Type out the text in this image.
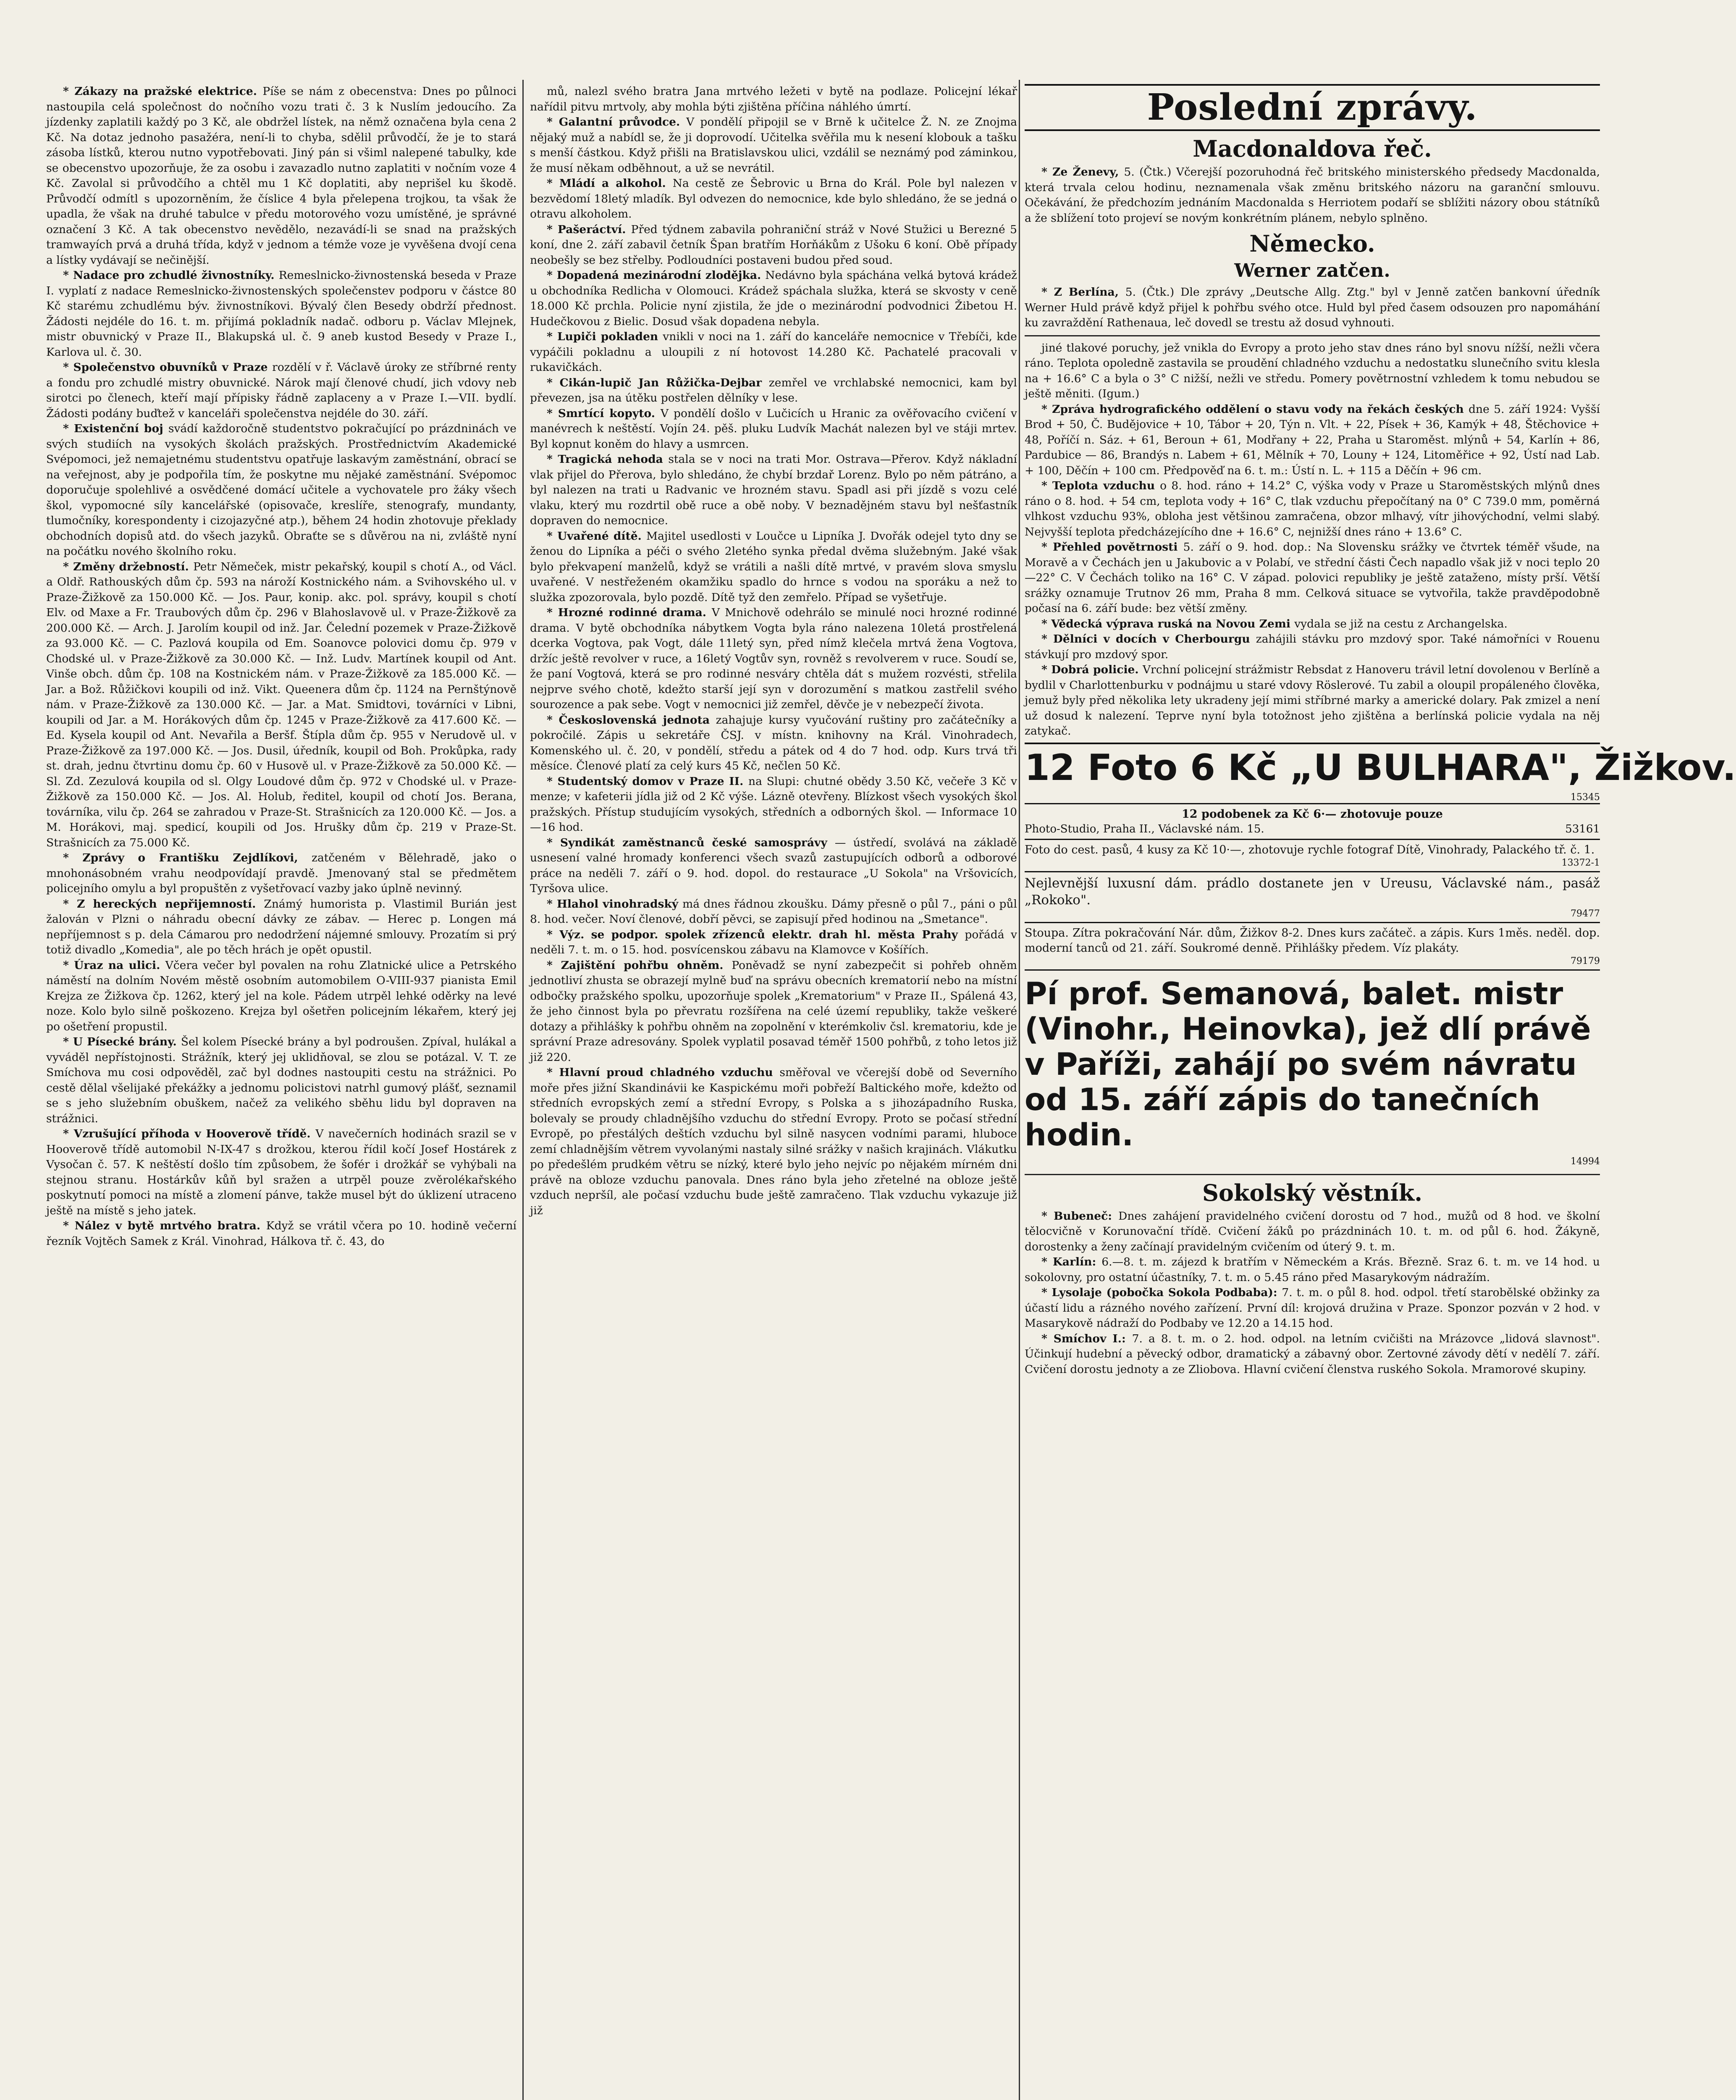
* Zákazy na pražské elektrice. Píše se nám z obecenstva: Dnes po půlnoci nastoupila celá společnost do nočního vozu trati č. 3 k Nuslím jedoucího. Za jízdenky zaplatili každý po 3 Kč, ale obdržel lístek, na němž označena byla cena 2 Kč. Na dotaz jednoho pasažéra, není-li to chyba, sdělil průvodčí, že je to stará zásoba lístků, kterou nutno vypotřebovati. Jiný pán si všiml nalepené tabulky, kde se obecenstvo upozorňuje, že za osobu i zavazadlo nutno zaplatiti v nočním voze 4 Kč. Zavolal si průvodčího a chtěl mu 1 Kč doplatiti, aby neprišel ku škodě. Průvodčí odmítl s upozorněním, že číslice 4 byla přelepena trojkou, ta však že upadla, že však na druhé tabulce v předu motorového vozu umístěné, je správné označení 3 Kč. A tak obecenstvo nevědělo, nezavádí-li se snad na pražských tramwayích prvá a druhá třída, když v jednom a témže voze je vyvěšena dvojí cena a lístky vydávají se nečinější.

* Nadace pro zchudlé živnostníky. Remeslnicko-živnostenská beseda v Praze I. vyplatí z nadace Remeslnicko-živnostenských společenstev podporu v částce 80 Kč starému zchudlému býv. živnostníkovi. Bývalý člen Besedy obdrží přednost. Žádosti nejdéle do 16. t. m. přijímá pokladník nadač. odboru p. Václav Mlejnek, mistr obuvnický v Praze II., Blakupská ul. č. 9 aneb kustod Besedy v Praze I., Karlova ul. č. 30.

* Společenstvo obuvníků v Praze rozdělí v ř. Václavě úroky ze stříbrné renty a fondu pro zchudlé mistry obuvnické. Nárok mají členové chudí, jich vdovy neb sirotci po členech, kteří mají přípisky řádně zaplaceny a v Praze I.—VII. bydlí. Žádosti podány buďtež v kanceláři společenstva nejdéle do 30. září.

* Existenční boj svádí každoročně studentstvo pokračující po prázdninách ve svých studiích na vysokých školách pražských. Prostřednictvím Akademické Svépomoci, jež nemajetnému studentstvu opatřuje laskavým zaměstnání, obrací se na veřejnost, aby je podpořila tím, že poskytne mu nějaké zaměstnání. Svépomoc doporučuje spolehlivé a osvědčené domácí učitele a vychovatele pro žáky všech škol, vypomocné síly kancelářské (opisovače, kreslíře, stenografy, mundanty, tlumočníky, korespondenty i cizojazyčné atp.), během 24 hodin zhotovuje překlady obchodních dopisů atd. do všech jazyků. Obraťte se s důvěrou na ni, zvláště nyní na počátku nového školního roku.

* Změny držebností. Petr Němeček, mistr pekařský, koupil s chotí A., od Václ. a Oldř. Rathouských dům čp. 593 na nároží Kostnického nám. a Svihovského ul. v Praze-Žižkově za 150.000 Kč. — Jos. Paur, konip. akc. pol. správy, koupil s chotí Elv. od Maxe a Fr. Traubových dům čp. 296 v Blahoslavově ul. v Praze-Žižkově za 200.000 Kč. — Arch. J. Jarolím koupil od inž. Jar. Čelední pozemek v Praze-Žižkově za 93.000 Kč. — C. Pazlová koupila od Em. Soanovce polovici domu čp. 979 v Chodské ul. v Praze-Žižkově za 30.000 Kč. — Inž. Ludv. Martínek koupil od Ant. Vinše obch. dům čp. 108 na Kostnickém nám. v Praze-Žižkově za 185.000 Kč. — Jar. a Bož. Růžičkovi koupili od inž. Vikt. Queenera dům čp. 1124 na Pernštýnově nám. v Praze-Žižkově za 130.000 Kč. — Jar. a Mat. Smidtovi, továrníci v Libni, koupili od Jar. a M. Horákových dům čp. 1245 v Praze-Žižkově za 417.600 Kč. — Ed. Kysela koupil od Ant. Nevařila a Beršf. Štípla dům čp. 955 v Nerudově ul. v Praze-Žižkově za 197.000 Kč. — Jos. Dusil, úředník, koupil od Boh. Prokůpka, rady st. drah, jednu čtvrtinu domu čp. 60 v Husově ul. v Praze-Žižkově za 50.000 Kč. — Sl. Zd. Zezulová koupila od sl. Olgy Loudové dům čp. 972 v Chodské ul. v Praze-Žižkově za 150.000 Kč. — Jos. Al. Holub, ředitel, koupil od chotí Jos. Berana, továrníka, vilu čp. 264 se zahradou v Praze-St. Strašnicích za 120.000 Kč. — Jos. a M. Horákovi, maj. spedicí, koupili od Jos. Hrušky dům čp. 219 v Praze-St. Strašnicích za 75.000 Kč.

* Zprávy o Františku Zejdlíkovi, zatčeném v Bělehradě, jako o mnohonásobném vrahu neodpovídají pravdě. Jmenovaný stal se předmětem policejního omylu a byl propuštěn z vyšetřovací vazby jako úplně nevinný.

* Z hereckých nepřijemností. Známý humorista p. Vlastimil Burián jest žalován v Plzni o náhradu obecní dávky ze zábav. — Herec p. Longen má nepříjemnost s p. dela Cámarou pro nedodržení nájemné smlouvy. Prozatím si prý totiž divadlo „Komedia", ale po těch hrách je opět opustil.

* Úraz na ulici. Včera večer byl povalen na rohu Zlatnické ulice a Petrského náměstí na dolním Novém městě osobním automobilem O-VIII-937 pianista Emil Krejza ze Žižkova čp. 1262, který jel na kole. Pádem utrpěl lehké oděrky na levé noze. Kolo bylo silně poškozeno. Krejza byl ošetřen policejním lékařem, který jej po ošetření propustil.

* U Písecké brány. Šel kolem Písecké brány a byl podroušen. Zpíval, hulákal a vyváděl nepřístojnosti. Strážník, který jej uklidňoval, se zlou se potázal. V. T. ze Smíchova mu cosi odpověděl, zač byl dodnes nastoupiti cestu na strážnici. Po cestě dělal všelijaké překážky a jednomu policistovi natrhl gumový plášť, seznamil se s jeho služebním obuškem, načež za velikého sběhu lidu byl dopraven na strážnici.

* Vzrušující příhoda v Hooverově třídě. V navečerních hodinách srazil se v Hooverově třídě automobil N-IX-47 s drožkou, kterou řídil kočí Josef Hostárek z Vysočan č. 57. K neštěstí došlo tím způsobem, že šofér i drožkář se vyhýbali na stejnou stranu. Hostárkův kůň byl sražen a utrpěl pouze zvěrolékařského poskytnutí pomoci na místě a zlomení pánve, takže musel být do úklizení utraceno ještě na místě s jeho jatek.

* Nález v bytě mrtvého bratra. Když se vrátil včera po 10. hodině večerní řezník Vojtěch Samek z Král. Vinohrad, Hálkova tř. č. 43, do

mů, nalezl svého bratra Jana mrtvého ležeti v bytě na podlaze. Policejní lékař nařídil pitvu mrtvoly, aby mohla býti zjištěna příčina náhlého úmrtí.

* Galantní průvodce. V pondělí připojil se v Brně k učitelce Ž. N. ze Znojma nějaký muž a nabídl se, že ji doprovodí. Učitelka svěřila mu k nesení klobouk a tašku s menší částkou. Když přišli na Bratislavskou ulici, vzdálil se neznámý pod záminkou, že musí někam odběhnout, a už se nevrátil.

* Mládí a alkohol. Na cestě ze Šebrovic u Brna do Král. Pole byl nalezen v bezvědomí 18letý mladík. Byl odvezen do nemocnice, kde bylo shledáno, že se jedná o otravu alkoholem.

* Pašeráctví. Před týdnem zabavila pohraniční stráž v Nové Stužici u Berezné 5 koní, dne 2. září zabavil četník Špan bratřím Horňákům z Ušoku 6 koní. Obě případy neobešly se bez střelby. Podloudníci postaveni budou před soud.

* Dopadená mezinárodní zlodějka. Nedávno byla spáchána velká bytová krádež u obchodníka Redlicha v Olomouci. Krádež spáchala služka, která se skvosty v ceně 18.000 Kč prchla. Policie nyní zjistila, že jde o mezinárodní podvodnici Žibetou H. Hudečkovou z Bielic. Dosud však dopadena nebyla.

* Lupiči pokladen vnikli v noci na 1. září do kanceláře nemocnice v Třebíči, kde vypáčili pokladnu a uloupili z ní hotovost 14.280 Kč. Pachatelé pracovali v rukavičkách.

* Cikán-lupič Jan Růžička-Dejbar zemřel ve vrchlabské nemocnici, kam byl převezen, jsa na útěku postřelen dělníky v lese.

* Smrtící kopyto. V pondělí došlo v Lučicích u Hranic za ověřovacího cvičení v manévrech k neštěstí. Vojín 24. pěš. pluku Ludvík Machát nalezen byl ve stáji mrtev. Byl kopnut koněm do hlavy a usmrcen.

* Tragická nehoda stala se v noci na trati Mor. Ostrava—Přerov. Když nákladní vlak přijel do Přerova, bylo shledáno, že chybí brzdař Lorenz. Bylo po něm pátráno, a byl nalezen na trati u Radvanic ve hrozném stavu. Spadl asi při jízdě s vozu celé vlaku, který mu rozdrtil obě ruce a obě noby. V beznadějném stavu byl nešťastník dopraven do nemocnice.

* Uvařené dítě. Majitel usedlosti v Loučce u Lipníka J. Dvořák odejel tyto dny se ženou do Lipníka a péči o svého 2letého synka předal dvěma služebným. Jaké však bylo překvapení manželů, když se vrátili a našli dítě mrtvé, v pravém slova smyslu uvařené. V nestřeženém okamžiku spadlo do hrnce s vodou na sporáku a než to služka zpozorovala, bylo pozdě. Dítě tyž den zemřelo. Případ se vyšetřuje.

* Hrozné rodinné drama. V Mnichově odehrálo se minulé noci hrozné rodinné drama. V bytě obchodníka nábytkem Vogta byla ráno nalezena 10letá prostřelená dcerka Vogtova, pak Vogt, dále 11letý syn, před nímž klečela mrtvá žena Vogtova, držíc ještě revolver v ruce, a 16letý Vogtův syn, rovněž s revolverem v ruce. Soudí se, že paní Vogtová, která se pro rodinné nesváry chtěla dát s mužem rozvésti, střelila nejprve svého chotě, kdežto starší její syn v dorozumění s matkou zastřelil svého sourozence a pak sebe. Vogt v nemocnici již zemřel, děvče je v nebezpečí života.

* Československá jednota zahajuje kursy vyučování ruštiny pro začátečníky a pokročilé. Zápis u sekretáře ČSJ. v místn. knihovny na Král. Vinohradech, Komenského ul. č. 20, v pondělí, středu a pátek od 4 do 7 hod. odp. Kurs trvá tři měsíce. Členové platí za celý kurs 45 Kč, nečlen 50 Kč.

* Studentský domov v Praze II. na Slupi: chutné obědy 3.50 Kč, večeře 3 Kč v menze; v kafeterii jídla již od 2 Kč výše. Lázně otevřeny. Blízkost všech vysokých škol pražských. Přístup studujícím vysokých, středních a odborných škol. — Informace 10—16 hod.

* Syndikát zaměstnanců české samosprávy — ústředí, svolává na základě usnesení valné hromady konferenci všech svazů zastupujících odborů a odborové práce na neděli 7. září o 9. hod. dopol. do restaurace „U Sokola" na Vršovicích, Tyršova ulice.

* Hlahol vinohradský má dnes řádnou zkoušku. Dámy přesně o půl 7., páni o půl 8. hod. večer. Noví členové, dobří pěvci, se zapisují před hodinou na „Smetance".

* Výz. se podpor. spolek zřízenců elektr. drah hl. města Prahy pořádá v neděli 7. t. m. o 15. hod. posvícenskou zábavu na Klamovce v Košířích.

* Zajištění pohřbu ohněm. Poněvadž se nyní zabezpečit si pohřeb ohněm jednotliví zhusta se obrazejí mylně buď na správu obecních krematorií nebo na místní odbočky pražského spolku, upozorňuje spolek „Krematorium" v Praze II., Spálená 43, že jeho činnost byla po převratu rozšířena na celé území republiky, takže veškeré dotazy a přihlášky k pohřbu ohněm na zopolnění v kterémkoliv čsl. krematoriu, kde je správní Praze adresovány. Spolek vyplatil posavad téměř 1500 pohřbů, z toho letos již již 220.

* Hlavní proud chladného vzduchu směřoval ve včerejší době od Severního moře přes jižní Skandinávii ke Kaspickému moři pobřeží Baltického moře, kdežto od středních evropských zemí a střední Evropy, s Polska a s jihozápadního Ruska, bolevaly se proudy chladnějšího vzduchu do střední Evropy. Proto se počasí střední Evropě, po přestálých deštích vzduchu byl silně nasycen vodními parami, hluboce zemí chladnějším větrem vyvolanými nastaly silné srážky v našich krajinách. Vlákutku po předešlém prudkém větru se nízký, které bylo jeho nejvíc po nějakém mírném dni právě na obloze vzduchu panovala. Dnes ráno byla jeho zřetelné na obloze ještě vzduch nepršíl, ale počasí vzduchu bude ještě zamračeno. Tlak vzduchu vykazuje již již

Poslední zprávy.
Macdonaldova řeč.

* Ze Ženevy, 5. (Čtk.) Včerejší pozoruhodná řeč britského ministerského předsedy Macdonalda, která trvala celou hodinu, neznamenala však změnu britského názoru na garanční smlouvu. Očekávání, že předchozím jednáním Macdonalda s Herriotem podaří se sblížiti názory obou státníků a že sblížení toto projeví se novým konkrétním plánem, nebylo splněno.

Německo.
Werner zatčen.

* Z Berlína, 5. (Čtk.) Dle zprávy „Deutsche Allg. Ztg." byl v Jenně zatčen bankovní úředník Werner Huld právě když přijel k pohřbu svého otce. Huld byl před časem odsouzen pro napomáhání ku zavraždění Rathenaua, leč dovedl se trestu až dosud vyhnouti.

jiné tlakové poruchy, jež vnikla do Evropy a proto jeho stav dnes ráno byl snovu nížší, nežli včera ráno. Teplota opoledně zastavila se proudění chladného vzduchu a nedostatku slunečního svitu klesla na + 16.6° C a byla o 3° C nižší, nežli ve středu. Pomery povětrnostní vzhledem k tomu nebudou se ještě měniti. (Igum.)

* Zpráva hydrografického oddělení o stavu vody na řekách českých dne 5. září 1924: Vyšší Brod + 50, Č. Budějovice + 10, Tábor + 20, Týn n. Vlt. + 22, Písek + 36, Kamýk + 48, Štěchovice + 48, Poříčí n. Sáz. + 61, Beroun + 61, Modřany + 22, Praha u Staroměst. mlýnů + 54, Karlín + 86, Pardubice — 86, Brandýs n. Labem + 61, Mělník + 70, Louny + 124, Litoměřice + 92, Ústí nad Lab. + 100, Děčín + 100 cm. Předpověď na 6. t. m.: Ústí n. L. + 115 a Děčín + 96 cm.

* Teplota vzduchu o 8. hod. ráno + 14.2° C, výška vody v Praze u Staroměstských mlýnů dnes ráno o 8. hod. + 54 cm, teplota vody + 16° C, tlak vzduchu přepočítaný na 0° C 739.0 mm, poměrná vlhkost vzduchu 93%, obloha jest většinou zamračena, obzor mlhavý, vítr jihovýchodní, velmi slabý. Nejvyšší teplota předcházejícího dne + 16.6° C, nejnižší dnes ráno + 13.6° C.

* Přehled povětrnosti 5. září o 9. hod. dop.: Na Slovensku srážky ve čtvrtek téměř všude, na Moravě a v Čechách jen u Jakubovic a v Polabí, ve střední části Čech napadlo však již v noci teplo 20—22° C. V Čechách toliko na 16° C. V západ. polovici republiky je ještě zataženo, místy prší. Větší srážky oznamuje Trutnov 26 mm, Praha 8 mm. Celková situace se vytvořila, takže pravděpodobně počasí na 6. září bude: bez větší změny.

* Vědecká výprava ruská na Novou Zemi vydala se již na cestu z Archangelska.

* Dělníci v docích v Cherbourgu zahájili stávku pro mzdový spor. Také námořníci v Rouenu stávkují pro mzdový spor.

* Dobrá policie. Vrchní policejní strážmistr Rebsdat z Hanoveru trávil letní dovolenou v Berlíně a bydlil v Charlottenburku v podnájmu u staré vdovy Röslerové. Tu zabil a oloupil propáleného člověka, jemuž byly před několika lety ukradeny její mimi stříbrné marky a americké dolary. Pak zmizel a není už dosud k nalezení. Teprve nyní byla totožnost jeho zjištěna a berlínská policie vydala na něj zatykač.

12 Foto 6 Kč „U BULHARA", Žižkov.
15345
12 podobenek za Kč 6·— zhotovuje pouze
Photo-Studio, Praha II., Václavské nám. 15.	53161
Foto do cest. pasů, 4 kusy za Kč 10·—, zhotovuje rychle fotograf Dítě, Vinohrady, Palackého tř. č. 1.
13372-1
Nejlevnější luxusní dám. prádlo dostanete jen v Ureusu, Václavské nám., pasáž „Rokoko".
79477
Stoupa. Zítra pokračování Nár. dům, Žižkov 8-2. Dnes kurs začáteč. a zápis. Kurs 1měs. neděl. dop. moderní tanců od 21. září. Soukromé denně. Přihlášky předem. Víz plakáty.
79179
Pí prof. Semanová, balet. mistr (Vinohr., Heinovka), jež dlí právě v Paříži, zahájí po svém návratu od 15. září zápis do tanečních hodin.
14994
Sokolský věstník.

* Bubeneč: Dnes zahájení pravidelného cvičení dorostu od 7 hod., mužů od 8 hod. ve školní tělocvičně v Korunovační třídě. Cvičení žáků po prázdninách 10. t. m. od půl 6. hod. Žákyně, dorostenky a ženy začínají pravidelným cvičením od úterý 9. t. m.

* Karlín: 6.—8. t. m. zájezd k bratřím v Německém a Krás. Březně. Sraz 6. t. m. ve 14 hod. u sokolovny, pro ostatní účastníky, 7. t. m. o 5.45 ráno před Masarykovým nádražím.

* Lysolaje (pobočka Sokola Podbaba): 7. t. m. o půl 8. hod. odpol. třetí starobělské obžinky za účastí lidu a rázného nového zařízení. První díl: krojová družina v Praze. Sponzor pozván v 2 hod. v Masarykově nádraží do Podbaby ve 12.20 a 14.15 hod.

* Smíchov I.: 7. a 8. t. m. o 2. hod. odpol. na letním cvičišti na Mrázovce „lidová slavnost". Účinkují hudební a pěvecký odbor, dramatický a zábavný obor. Zertovné závody dětí v nedělí 7. září. Cvičení dorostu jednoty a ze Zliobova. Hlavní cvičení členstva ruského Sokola. Mramorové skupiny.
